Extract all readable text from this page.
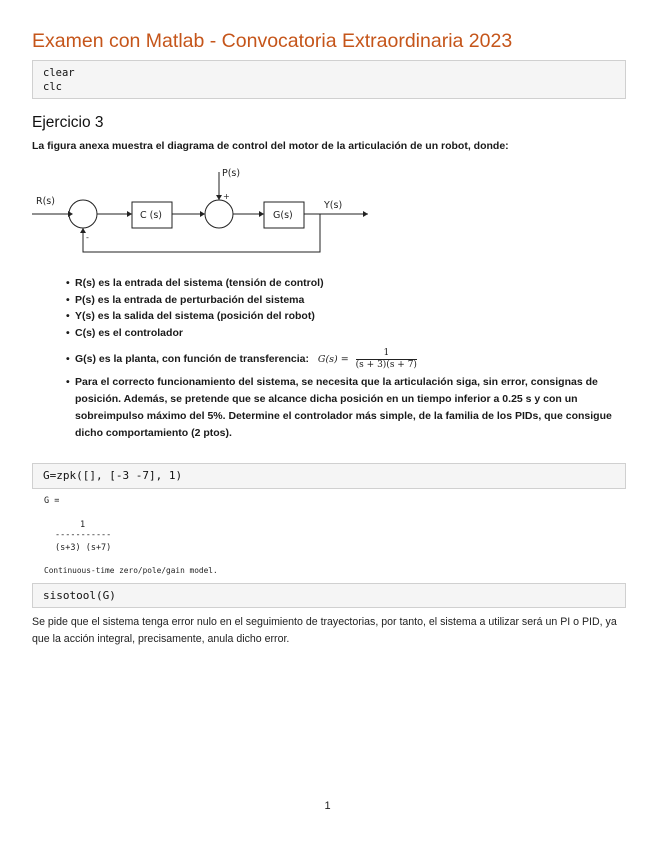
Examen con Matlab - Convocatoria Extraordinaria 2023
clear
clc
Ejercicio 3
La figura anexa muestra el diagrama de control del motor de la articulación de un robot, donde:
R(s)
P(s)
C (s)	G(s)
Y(s)
+
-
• R(s) es la entrada del sistema (tensión de control)
• P(s) es la entrada de perturbación del sistema
• Y(s) es la salida del sistema (posición del robot)
• C(s) es el controlador
• G(s) es la planta, con función de transferencia: $G(s) = \frac{1}{(s + 3)(s + 7)}$
• Para el correcto funcionamiento del sistema, se necesita que la articulación siga, sin error, consignas de posición. Además, se pretende que se alcance dicha posición en un tiempo inferior a 0.25 s y con un sobreimpulso máximo del 5%. Determine el controlador más simple, de la familia de los PIDs, que consigue dicho comportamiento (2 ptos).
G=zpk([], [-3 -7], 1)
G =
1
-----------
(s+3) (s+7)
Continuous-time zero/pole/gain model.
sisotool(G)
Se pide que el sistema tenga error nulo en el seguimiento de trayectorias, por tanto, el sistema a utilizar será un PI o PID, ya que la acción integral, precisamente, anula dicho error.
1
